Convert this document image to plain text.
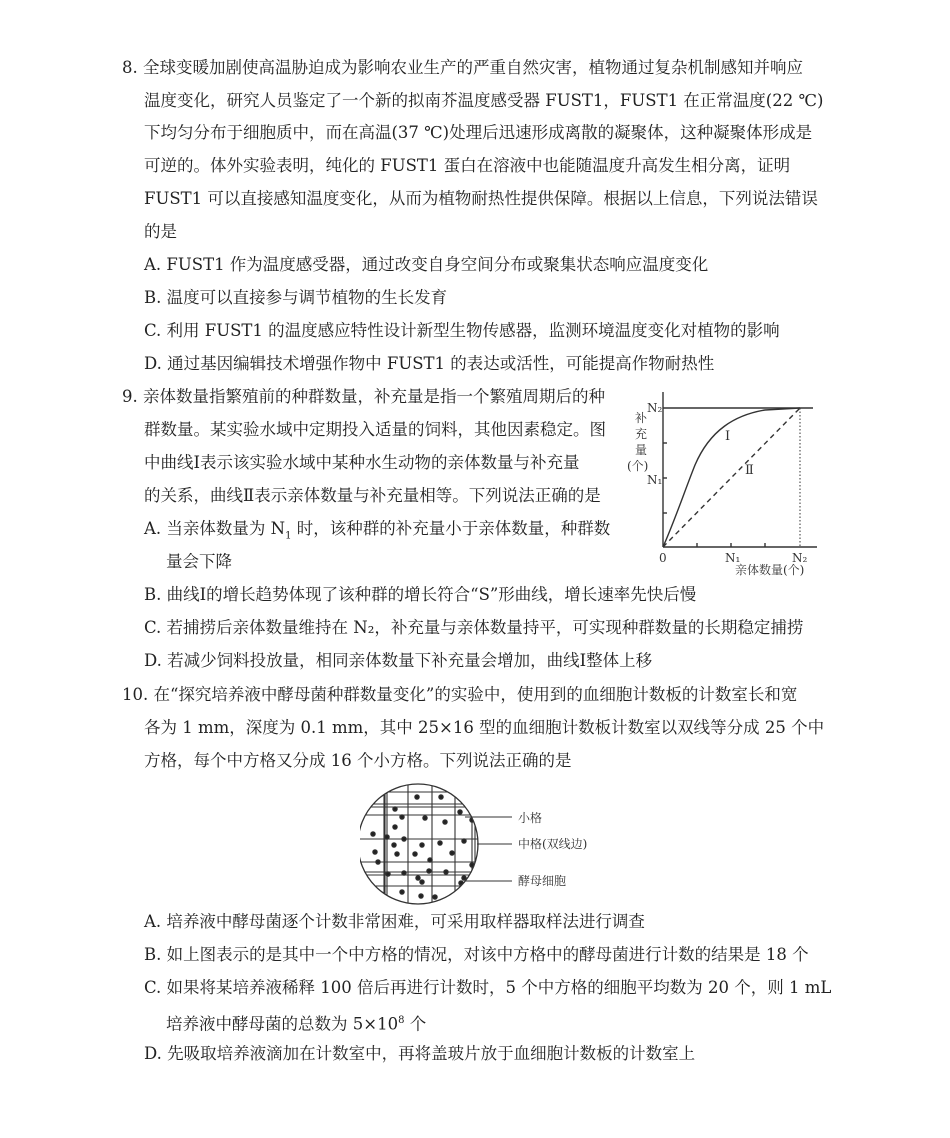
8. 全球变暖加剧使高温胁迫成为影响农业生产的严重自然灾害，植物通过复杂机制感知并响应
温度变化，研究人员鉴定了一个新的拟南芥温度感受器 FUST1，FUST1 在正常温度(22 ℃)
下均匀分布于细胞质中，而在高温(37 ℃)处理后迅速形成离散的凝聚体，这种凝聚体形成是
可逆的。体外实验表明，纯化的 FUST1 蛋白在溶液中也能随温度升高发生相分离，证明
FUST1 可以直接感知温度变化，从而为植物耐热性提供保障。根据以上信息，下列说法错误
的是
A. FUST1 作为温度感受器，通过改变自身空间分布或聚集状态响应温度变化
B. 温度可以直接参与调节植物的生长发育
C. 利用 FUST1 的温度感应特性设计新型生物传感器，监测环境温度变化对植物的影响
D. 通过基因编辑技术增强作物中 FUST1 的表达或活性，可能提高作物耐热性
9. 亲体数量指繁殖前的种群数量，补充量是指一个繁殖周期后的种
群数量。某实验水域中定期投入适量的饲料，其他因素稳定。图
中曲线Ⅰ表示该实验水域中某种水生动物的亲体数量与补充量
的关系，曲线Ⅱ表示亲体数量与补充量相等。下列说法正确的是
A. 当亲体数量为 $N_1$ 时，该种群的补充量小于亲体数量，种群数
量会下降
B. 曲线Ⅰ的增长趋势体现了该种群的增长符合“S”形曲线，增长速率先快后慢
C. 若捕捞后亲体数量维持在 N₂，补充量与亲体数量持平，可实现种群数量的长期稳定捕捞
D. 若减少饲料投放量，相同亲体数量下补充量会增加，曲线Ⅰ整体上移
补
充
量
(个)
N₂
N₁
0	N₁	N₂
亲体数量(个)
Ⅰ
Ⅱ
10. 在“探究培养液中酵母菌种群数量变化”的实验中，使用到的血细胞计数板的计数室长和宽
各为 1 mm，深度为 0.1 mm，其中 25×16 型的血细胞计数板计数室以双线等分成 25 个中
方格，每个中方格又分成 16 个小方格。下列说法正确的是
小格
中格(双线边)
酵母细胞
A. 培养液中酵母菌逐个计数非常困难，可采用取样器取样法进行调查
B. 如上图表示的是其中一个中方格的情况，对该中方格中的酵母菌进行计数的结果是 18 个
C. 如果将某培养液稀释 100 倍后再进行计数时，5 个中方格的细胞平均数为 20 个，则 1 mL
培养液中酵母菌的总数为 $5\times 10^8$ 个
D. 先吸取培养液滴加在计数室中，再将盖玻片放于血细胞计数板的计数室上
